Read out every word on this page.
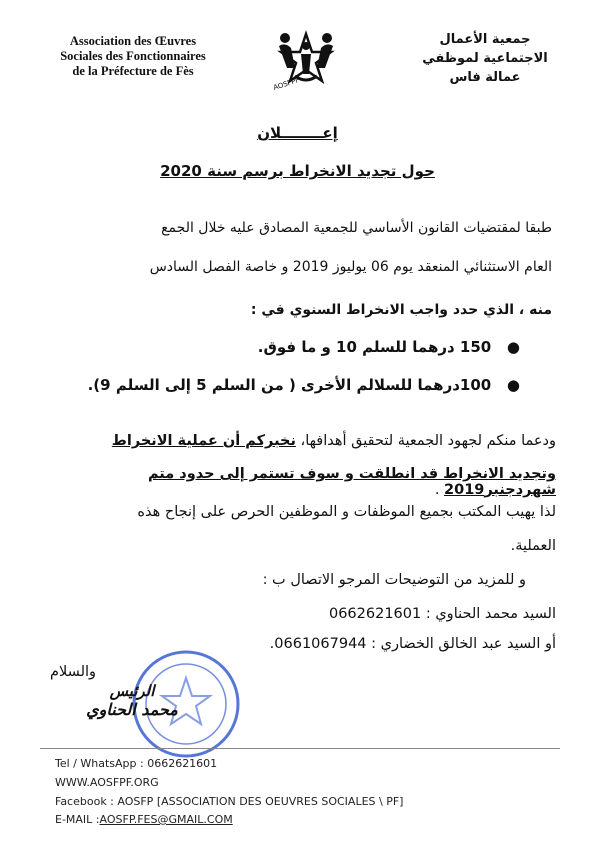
Association des Œuvres
Sociales des Fonctionnaires
de la Préfecture de Fès
AOSFPF
جمعية الأعمال
الاجتماعية لموظفي
عمالة فاس
إعــــــــلان
حول تجديد الانخراط برسم سنة 2020
طبقا لمقتضيات القانون الأساسي للجمعية المصادق عليه خلال الجمع
العام الاستثنائي المنعقد يوم 06 يوليوز 2019 و خاصة الفصل السادس
منه ، الذي حدد واجب الانخراط السنوي في :
●   150 درهما للسلم 10 و ما فوق.
●   100درهما للسلالم الأخرى ( من السلم 5 إلى السلم 9).
ودعما منكم لجهود الجمعية لتحقيق أهدافها، نخبركم أن عملية الانخراط
وتجديد الانخراط قد انطلقت و سوف تستمر إلى حدود متم شهردجنبر2019 .
لذا يهيب المكتب بجميع الموظفات و الموظفين الحرص على إنجاح هذه
العملية.
و للمزيد من التوضيحات المرجو الاتصال ب :
السيد محمد الحناوي : 0662621601
أو السيد عبد الخالق الخضاري : 0661067944.
والسلام
الرئيس
محمد الحناوي
Tel / WhatsApp : 0662621601
WWW.AOSFPF.ORG
Facebook : AOSFP [ASSOCIATION DES OEUVRES SOCIALES \ PF]
E-MAIL :AOSFP.FES@GMAIL.COM
